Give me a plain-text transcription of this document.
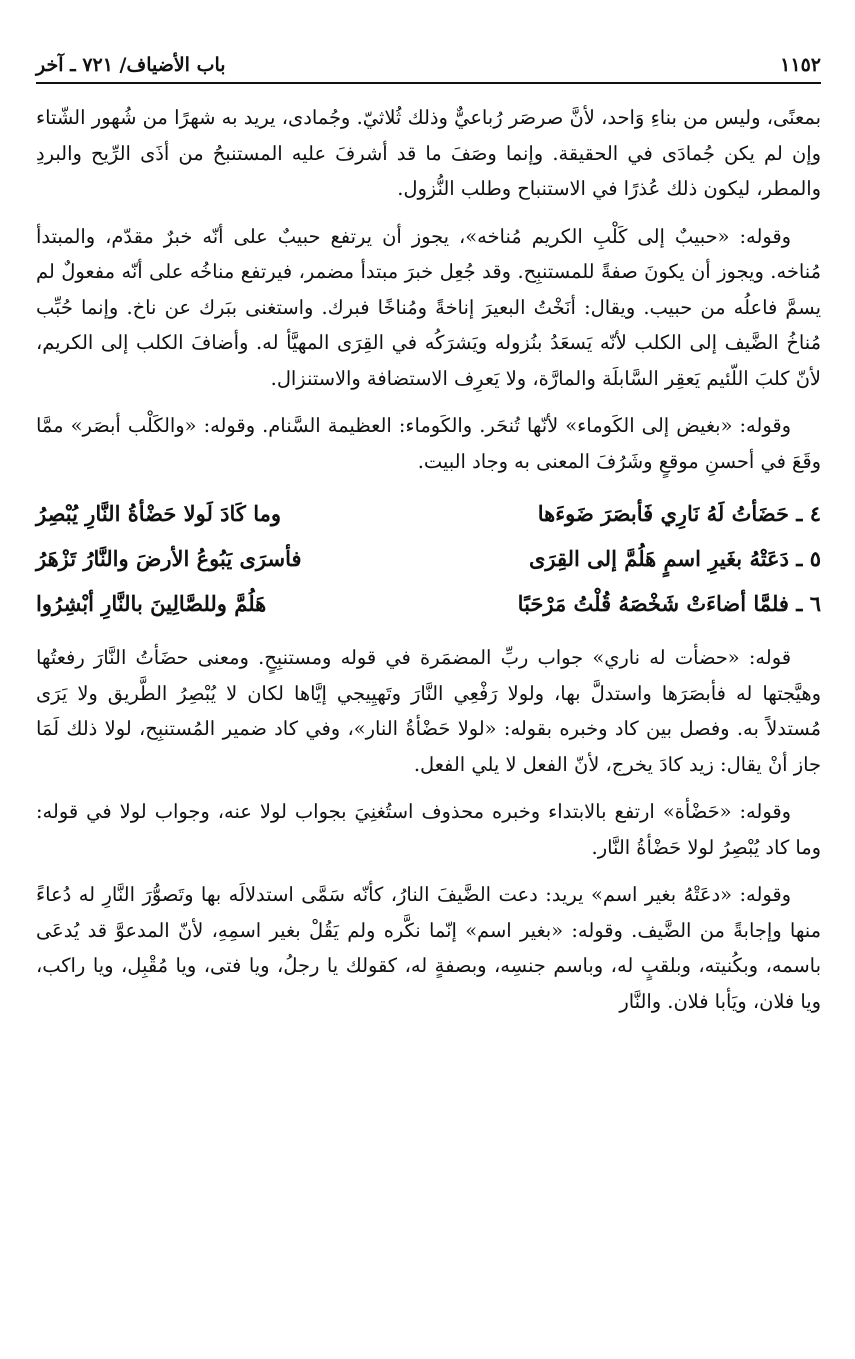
١١٥٢
باب الأضياف/ ٧٢١ ـ آخر

بمعنًى، وليس من بناءِ وَاحد، لأنَّ صرصَر رُباعيٌّ وذلك ثُلاثيّ. وجُمادى، يريد به شهرًا من شُهور الشّتاء وإن لم يكن جُمادَى في الحقيقة. وإنما وصَفَ ما قد أشرفَ عليه المستنبحُ من أذَى الرِّيح والبردِ والمطر، ليكون ذلك عُذرًا في الاستنباح وطلب النُّزول.

وقوله: «حبيبٌ إلى كَلْبِ الكريم مُناخه»، يجوز أن يرتفع حبيبٌ على أنّه خبرٌ مقدّم، والمبتدأ مُناخه. ويجوز أن يكونَ صفةً للمستنبِح. وقد جُعِل خبرَ مبتدأ مضمر، فيرتفع مناخُه على أنّه مفعولٌ لم يسمَّ فاعلُه من حبيب. ويقال: أنَخْتُ البعيرَ إناخةً ومُناخًا فبرك. واستغنى ببَرك عن ناخ. وإنما حُبِّب مُناخُ الضَّيف إلى الكلب لأنّه يَسعَدُ بنُزوله ويَشرَكُه في القِرَى المهيَّأ له. وأضافَ الكلب إلى الكريم، لأنّ كلبَ اللّئيم يَعقِر السَّابلَة والمارَّة، ولا يَعرِف الاستضافة والاستنزال.

وقوله: «بغيض إلى الكَوماء» لأنّها تُنحَر. والكَوماء: العظيمة السَّنام. وقوله: «والكَلْب أبصَر» ممَّا وقَعَ في أحسنِ موقعٍ وشَرُفَ المعنى به وجاد البيت.

٤ ـ حَضَأتُ لَهُ نَارِي فَأبصَرَ ضَوءَها
وما كَادَ لَولا حَضْأةُ النَّارِ يُبْصِرُ
٥ ـ دَعَتْهُ بغَيرِ اسمٍ هَلُمَّ إلى القِرَى
فأسرَى يَبُوعُ الأرضَ والنَّارُ تَزْهَرُ
٦ ـ فلمَّا أضاءَتْ شَخْصَهُ قُلْتُ مَرْحَبًا
هَلُمَّ وللصَّالِينَ بالنَّارِ أبْشِرُوا

قوله: «حضأت له ناري» جواب ربِّ المضمَرة في قوله ومستنبِحٍ. ومعنى حضَأتُ النَّارَ رفعتُها وهيَّجتها له فأبصَرَها واستدلَّ بها، ولولا رَفْعِي النَّارَ وتَهيِيجي إيَّاها لكان لا يُبْصِرُ الطَّريق ولا يَرَى مُستدلاً به. وفصل بين كاد وخبره بقوله: «لولا حَضْأةُ النار»، وفي كاد ضمير المُستنبِح، لولا ذلك لَمَا جاز أنْ يقال: زيد كادَ يخرج، لأنّ الفعل لا يلي الفعل.

وقوله: «حَضْأة» ارتفع بالابتداء وخبره محذوف استُغنِيَ بجواب لولا عنه، وجواب لولا في قوله: وما كاد يُبْصِرُ لولا حَضْأةُ النَّار.

وقوله: «دعَتْهُ بغير اسم» يريد: دعت الضَّيفَ النارُ، كأنّه سَمَّى استدلالَه بها وتَصوُّرَ النَّارِ له دُعاءً منها وإجابةً من الضَّيف. وقوله: «بغير اسم» إنّما نكَّره ولم يَقُلْ بغير اسمِهِ، لأنّ المدعوَّ قد يُدعَى باسمه، وبكُنيته، وبلقبٍ له، وباسم جنسِه، وبصفةٍ له، كقولك يا رجلُ، ويا فتى، ويا مُقْبِل، ويا راكب، ويا فلان، ويَأبا فلان. والنَّار
